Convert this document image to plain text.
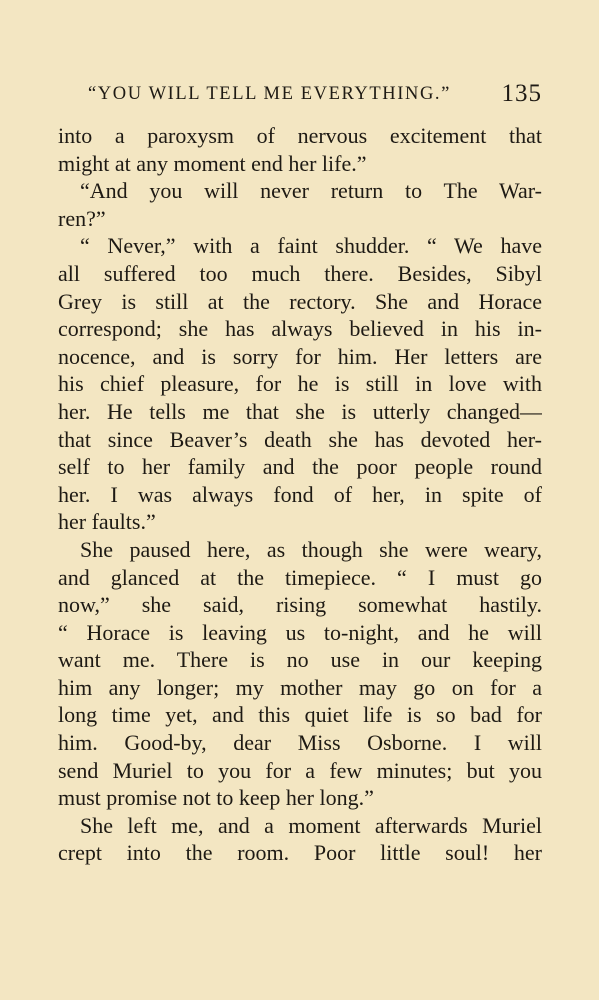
“YOU WILL TELL ME EVERYTHING.” 135
into a paroxysm of nervous excitement that
might at any moment end her life.”
“And you will never return to The War-
ren?”
“ Never,” with a faint shudder. “ We have
all suffered too much there. Besides, Sibyl
Grey is still at the rectory. She and Horace
correspond; she has always believed in his in-
nocence, and is sorry for him. Her letters are
his chief pleasure, for he is still in love with
her. He tells me that she is utterly changed—
that since Beaver’s death she has devoted her-
self to her family and the poor people round
her. I was always fond of her, in spite of
her faults.”
She paused here, as though she were weary,
and glanced at the timepiece. “ I must go
now,” she said, rising somewhat hastily.
“ Horace is leaving us to-night, and he will
want me. There is no use in our keeping
him any longer; my mother may go on for a
long time yet, and this quiet life is so bad for
him. Good-by, dear Miss Osborne. I will
send Muriel to you for a few minutes; but you
must promise not to keep her long.”
She left me, and a moment afterwards Muriel
crept into the room. Poor little soul! her
